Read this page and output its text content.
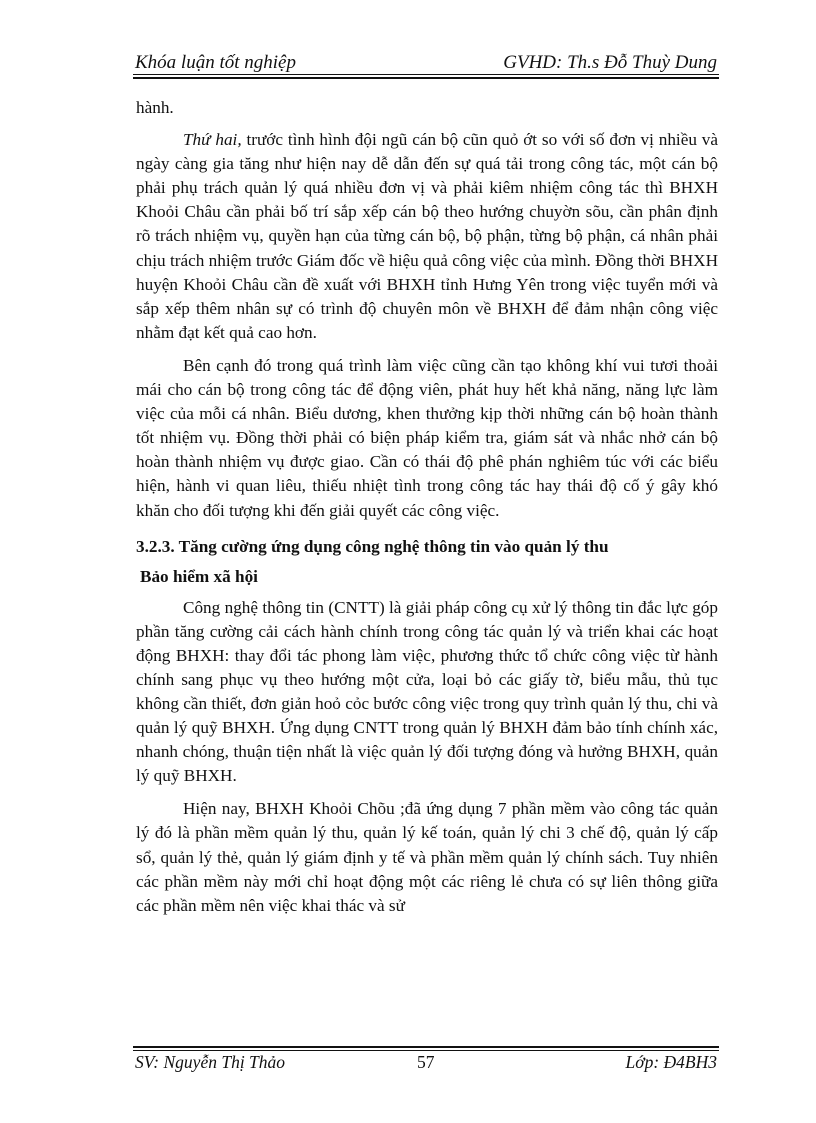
Khóa luận tốt nghiệp	GVHD: Th.s Đỗ Thuỳ Dung

hành.

Thứ hai, trước tình hình đội ngũ cán bộ cũn quỏ ớt so với số đơn vị nhiều và ngày càng gia tăng như hiện nay dễ dẫn đến sự quá tải trong công tác, một cán bộ phải phụ trách quản lý quá nhiều đơn vị và phải kiêm nhiệm công tác thì BHXH Khoỏi Châu cần phải bố trí sắp xếp cán bộ theo hướng chuyờn sõu, cần phân định rõ trách nhiệm vụ, quyền hạn của từng cán bộ, bộ phận, từng bộ phận, cá nhân phải chịu trách nhiệm trước Giám đốc về hiệu quả công việc của mình. Đồng thời BHXH huyện Khoỏi Châu cần đề xuất với BHXH tỉnh Hưng Yên trong việc tuyển mới và sắp xếp thêm nhân sự có trình độ chuyên môn về BHXH để đảm nhận công việc nhằm đạt kết quả cao hơn.

Bên cạnh đó trong quá trình làm việc cũng cần tạo không khí vui tươi thoải mái cho cán bộ trong công tác để động viên, phát huy hết khả năng, năng lực làm việc của mỗi cá nhân. Biểu dương, khen thưởng kịp thời những cán bộ hoàn thành tốt nhiệm vụ. Đồng thời phải có biện pháp kiểm tra, giám sát và nhắc nhở cán bộ hoàn thành nhiệm vụ được giao. Cần có thái độ phê phán nghiêm túc với các biểu hiện, hành vi quan liêu, thiếu nhiệt tình trong công tác hay thái độ cố ý gây khó khăn cho đối tượng khi đến giải quyết các công việc.

3.2.3. Tăng cường ứng dụng công nghệ thông tin vào quản lý thu
Bảo hiểm xã hội

Công nghệ thông tin (CNTT) là giải pháp công cụ xử lý thông tin đắc lực góp phần tăng cường cải cách hành chính trong công tác quản lý và triển khai các hoạt động BHXH: thay đổi tác phong làm việc, phương thức tổ chức công việc từ hành chính sang phục vụ theo hướng một cửa, loại bỏ các giấy tờ, biểu mẫu, thủ tục không cần thiết, đơn giản hoỏ cỏc bước công việc trong quy trình quản lý thu, chi và quản lý quỹ BHXH. Ứng dụng CNTT trong quản lý BHXH đảm bảo tính chính xác, nhanh chóng, thuận tiện nhất là việc quản lý đối tượng đóng và hưởng BHXH, quản lý quỹ BHXH.

Hiện nay, BHXH Khoỏi Chõu ;đã ứng dụng 7 phần mềm vào công tác quản lý đó là phần mềm quản lý thu, quản lý kế toán, quản lý chi 3 chế độ, quản lý cấp sổ, quản lý thẻ, quản lý giám định y tế và phần mềm quản lý chính sách. Tuy nhiên các phần mềm này mới chỉ hoạt động một các riêng lẻ chưa có sự liên thông giữa các phần mềm nên việc khai thác và sử

SV: Nguyễn Thị Thảo	57	Lớp: Đ4BH3
